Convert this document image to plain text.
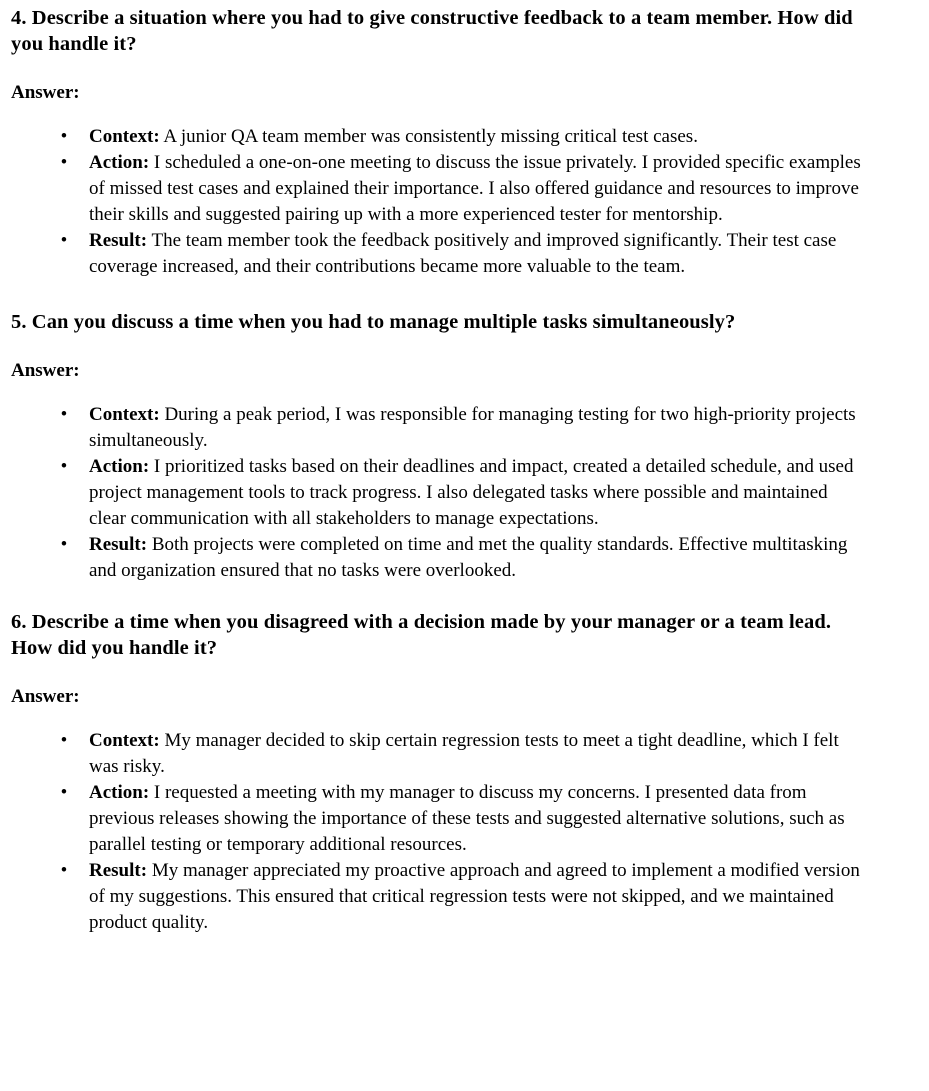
4. Describe a situation where you had to give constructive feedback to a team member. How did you handle it?
Answer:
• Context: A junior QA team member was consistently missing critical test cases.
• Action: I scheduled a one-on-one meeting to discuss the issue privately. I provided specific examples of missed test cases and explained their importance. I also offered guidance and resources to improve their skills and suggested pairing up with a more experienced tester for mentorship.
• Result: The team member took the feedback positively and improved significantly. Their test case coverage increased, and their contributions became more valuable to the team.
5. Can you discuss a time when you had to manage multiple tasks simultaneously?
Answer:
• Context: During a peak period, I was responsible for managing testing for two high-priority projects simultaneously.
• Action: I prioritized tasks based on their deadlines and impact, created a detailed schedule, and used project management tools to track progress. I also delegated tasks where possible and maintained clear communication with all stakeholders to manage expectations.
• Result: Both projects were completed on time and met the quality standards. Effective multitasking and organization ensured that no tasks were overlooked.
6. Describe a time when you disagreed with a decision made by your manager or a team lead. How did you handle it?
Answer:
• Context: My manager decided to skip certain regression tests to meet a tight deadline, which I felt was risky.
• Action: I requested a meeting with my manager to discuss my concerns. I presented data from previous releases showing the importance of these tests and suggested alternative solutions, such as parallel testing or temporary additional resources.
• Result: My manager appreciated my proactive approach and agreed to implement a modified version of my suggestions. This ensured that critical regression tests were not skipped, and we maintained product quality.
